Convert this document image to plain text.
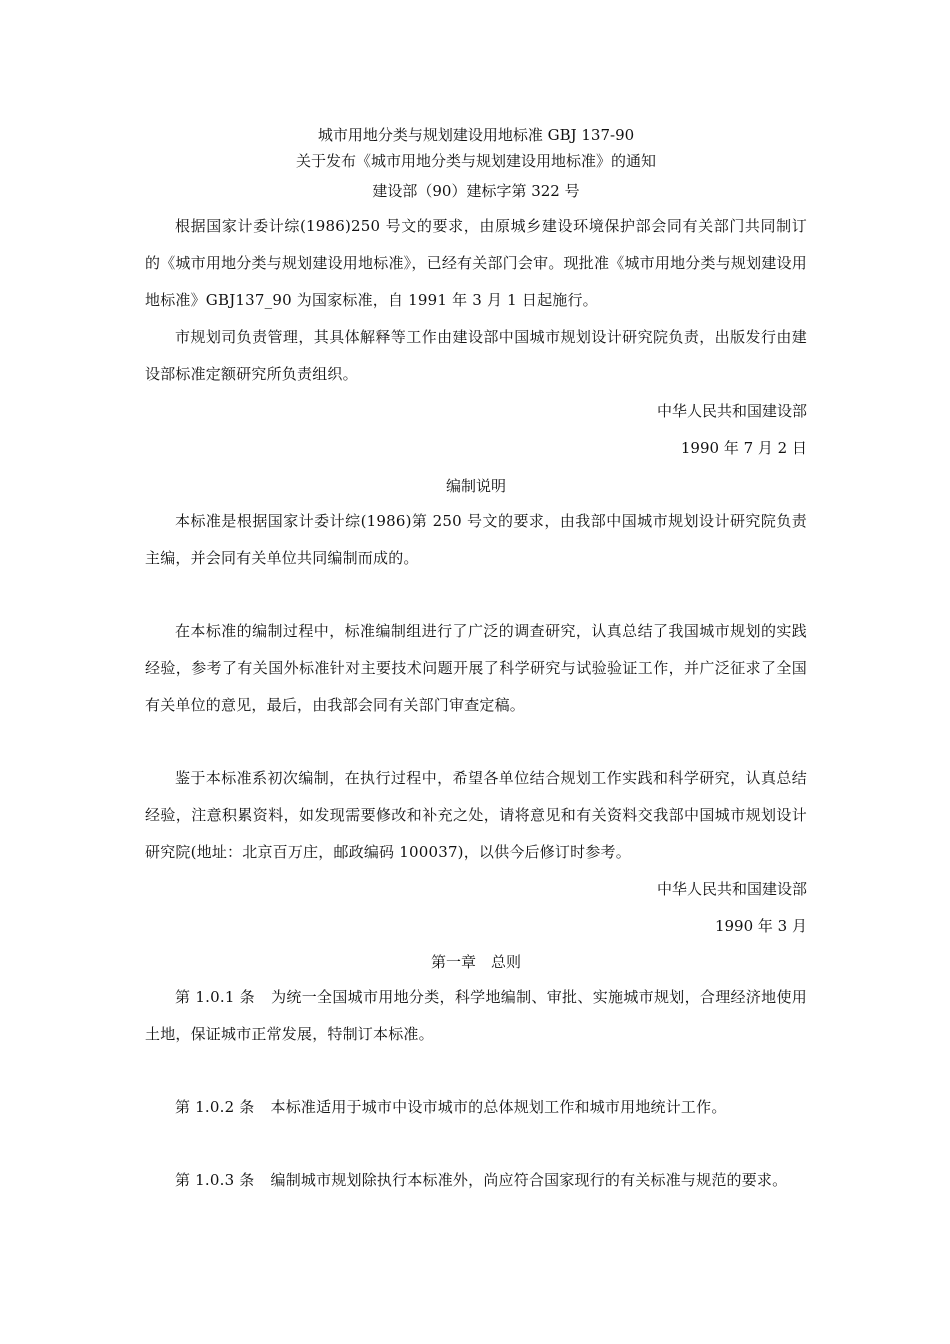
城市用地分类与规划建设用地标准 GBJ 137-90

关于发布《城市用地分类与规划建设用地标准》的通知

建设部（90）建标字第 322 号

根据国家计委计综(1986)250 号文的要求，由原城乡建设环境保护部会同有关部门共同制订的《城市用地分类与规划建设用地标准》，已经有关部门会审。现批准《城市用地分类与规划建设用地标准》GBJ137_90 为国家标准，自 1991 年 3 月 1 日起施行。

市规划司负责管理，其具体解释等工作由建设部中国城市规划设计研究院负责，出版发行由建设部标准定额研究所负责组织。

中华人民共和国建设部

1990 年 7 月 2 日

编制说明

本标准是根据国家计委计综(1986)第 250 号文的要求，由我部中国城市规划设计研究院负责主编，并会同有关单位共同编制而成的。

在本标准的编制过程中，标准编制组进行了广泛的调查研究，认真总结了我国城市规划的实践经验，参考了有关国外标准针对主要技术问题开展了科学研究与试验验证工作，并广泛征求了全国有关单位的意见，最后，由我部会同有关部门审查定稿。

鉴于本标准系初次编制，在执行过程中，希望各单位结合规划工作实践和科学研究，认真总结经验，注意积累资料，如发现需要修改和补充之处，请将意见和有关资料交我部中国城市规划设计研究院(地址：北京百万庄，邮政编码 100037)，以供今后修订时参考。

中华人民共和国建设部

1990 年 3 月

第一章　总则

第 1.0.1 条 为统一全国城市用地分类，科学地编制、审批、实施城市规划，合理经济地使用土地，保证城市正常发展，特制订本标准。

第 1.0.2 条 本标准适用于城市中设市城市的总体规划工作和城市用地统计工作。

第 1.0.3 条 编制城市规划除执行本标准外，尚应符合国家现行的有关标准与规范的要求。
